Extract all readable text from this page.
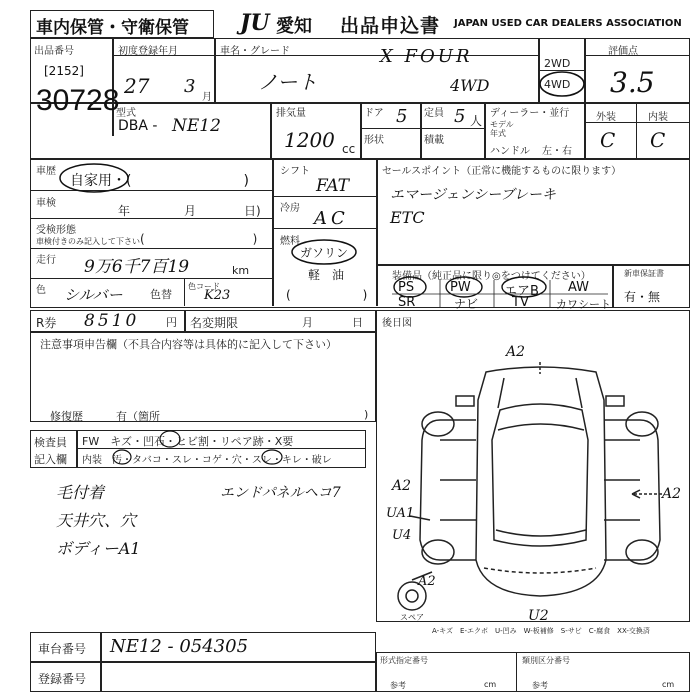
車内保管・守衛保管 JU 愛知 出品申込書 JAPAN USED CAR DEALERS ASSOCIATION
出品番号
[2152]
30728
初度登録年月
27 3
月
車名・グレード
ノート
X FOUR
4WD
2WD
4WD
評価点
3.5
型式
DBA - NE12
排気量
1200 cc
ドア 5
形状
定員 5 人
積載
ディーラー・並行
モデル年式
ハンドル 左・右
外装	内装
C C
車歴
自家用・(　　　　　　　　)
車検
年	月	日)
受検形態
車検付きのみ記入して下さい (　　　　　　　　　)
走行 9万6千7百19	km
色 シルバー 色替
色コード
K23
シフト
FAT
冷房 AC
燃料
ガソリン
軽　油
(　　　　　　)
セールスポイント（正常に機能するものに限ります）
エマージェンシーブレーキ
ETC
装備品（純正品に限り◎をつけてください）
PS	PW	エアB AW
SR	ナビ	TV カワシート
新車保証書
有・無
R券 8510 円 名変期限	月	日
注意事項申告欄（不具合内容等は具体的に記入して下さい）
修復歴	有（箇所	)
後日図
A2
A2
A2
UA1
U4
A2
U2
スペア
A-キズ　E-エクボ　U-凹み　W-板補修　S-サビ　C-腐食　XX-交換済
検査員
記入欄
FW　キズ・凹石・ヒビ割・リペア跡・X要
内装　汚・タバコ・スレ・コゲ・穴・スレ・キレ・破レ
毛付着
天井穴、穴
ボディーA1
エンドパネルヘコ7
車台番号 NE12 - 054305
登録番号
形式指定番号
参考	cm
類別区分番号
参考	cm
